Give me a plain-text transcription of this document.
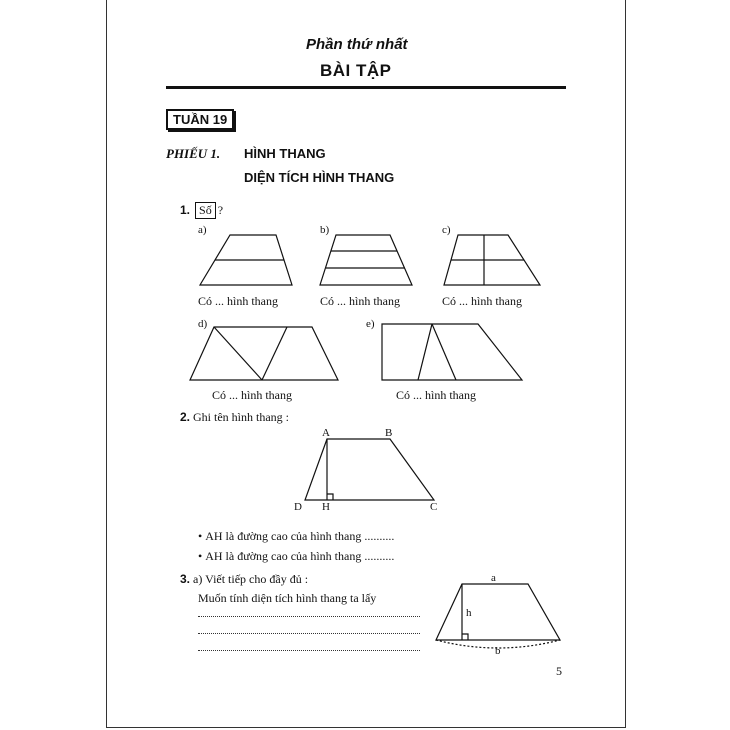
Phần thứ nhất
BÀI TẬP
TUẦN 19
PHIẾU 1. HÌNH THANG
DIỆN TÍCH HÌNH THANG
1. Số ?
a)	b)	c)
d)	e)
Có ... hình thang	Có ... hình thang	Có ... hình thang
Có ... hình thang	Có ... hình thang
2. Ghi tên hình thang :
A	B
D H	C
• AH là đường cao của hình thang ..........
• AH là đường cao của hình thang ..........
3. a) Viết tiếp cho đầy đủ :
Muốn tính diện tích hình thang ta lấy
a
h
b
5
